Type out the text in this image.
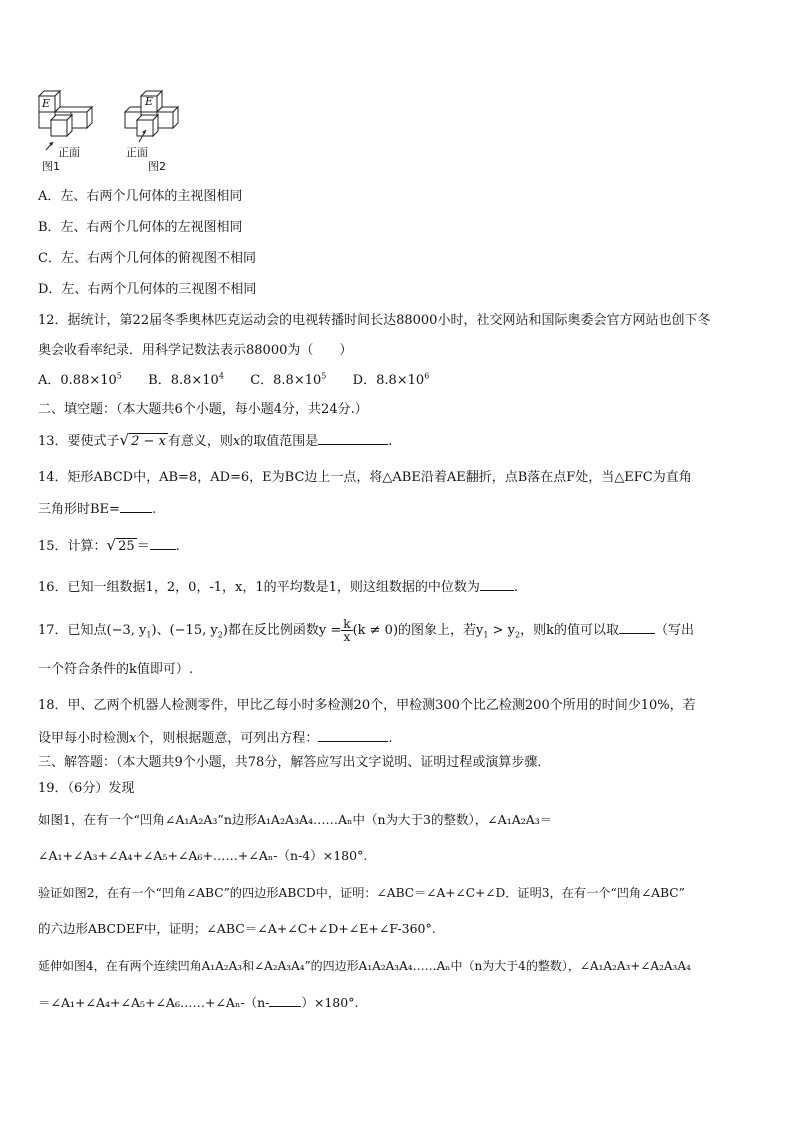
E
正面
图1
E
正面
图2
A．左、右两个几何体的主视图相同
B．左、右两个几何体的左视图相同
C．左、右两个几何体的俯视图不相同
D．左、右两个几何体的三视图不相同
12．据统计，第22届冬季奥林匹克运动会的电视转播时间长达88000小时，社交网站和国际奥委会官方网站也创下冬
奥会收看率纪录．用科学记数法表示88000为（　　）
A．$0.88\times 10^5$ B．$8.8\times 10^4$ C．$8.8\times 10^5$ D．$8.8\times 10^6$
二、填空题：（本大题共6个小题，每小题4分，共24分.）
13．要使式子√ 2 − x 有意义，则x的取值范围是	.
14．矩形ABCD中，AB=8，AD=6，E为BC边上一点，将△ABE沿着AE翻折，点B落在点F处，当△EFC为直角
三角形时BE= .
15．计算：√ 25 ＝ .
16．已知一组数据1，2，0，-1，x，1的平均数是1，则这组数据的中位数为	.
17．已知点(−3, $y_1$)、(−15, $y_2$)都在反比例函数$y = \frac{k}{x} (k \ne 0)$的图象上，若$y_1 > y_2$，则k的值可以取	（写出
一个符合条件的k值即可）.
18．甲、乙两个机器人检测零件，甲比乙每小时多检测20个，甲检测300个比乙检测200个所用的时间少10%，若
设甲每小时检测x个，则根据题意，可列出方程：	.
三、解答题：（本大题共9个小题，共78分，解答应写出文字说明、证明过程或演算步骤．
19．（6分）发现
如图1，在有一个“凹角∠A₁A₂A₃”n边形A₁A₂A₃A₄……Aₙ中（n为大于3的整数），∠A₁A₂A₃＝
∠A₁+∠A₃+∠A₄+∠A₅+∠A₆+……+∠Aₙ-（n-4）×180°.
验证如图2，在有一个“凹角∠ABC”的四边形ABCD中，证明：∠ABC＝∠A+∠C+∠D．证明3，在有一个“凹角∠ABC”
的六边形ABCDEF中，证明；∠ABC＝∠A+∠C+∠D+∠E+∠F-360°.
延伸如图4，在有两个连续凹角A₁A₂A₃和∠A₂A₃A₄”的四边形A₁A₂A₃A₄……Aₙ中（n为大于4的整数），∠A₁A₂A₃+∠A₂A₃A₄
＝∠A₁+∠A₄+∠A₅+∠A₆……+∠Aₙ-（n-	）×180°.
